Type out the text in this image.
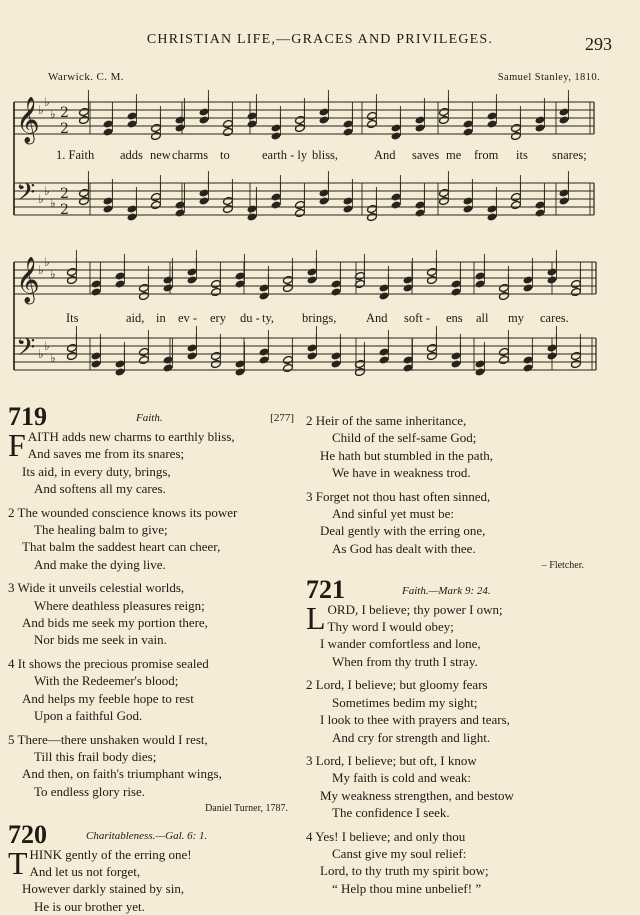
CHRISTIAN LIFE,—GRACES AND PRIVILEGES.	293
Warwick. C. M.	Samuel Stanley, 1810.
𝄞
𝄢
♭
♭
♭
♭
♭
♭
2
2
2
2
𝄞
𝄢
♭
♭
♭
♭
♭
♭
1. Faith adds new charms to	earth - ly bliss,	And saves me from its snares;
Its	aid, in ev - ery du - ty, brings, And soft - ens all my cares.
719	Faith.	[277]
F AITH adds new charms to earthly bliss,
And saves me from its snares;
Its aid, in every duty, brings,
And softens all my cares.
2 The wounded conscience knows its power
The healing balm to give;
That balm the saddest heart can cheer,
And make the dying live.
3 Wide it unveils celestial worlds,
Where deathless pleasures reign;
And bids me seek my portion there,
Nor bids me seek in vain.
4 It shows the precious promise sealed
With the Redeemer's blood;
And helps my feeble hope to rest
Upon a faithful God.
5 There—there unshaken would I rest,
Till this frail body dies;
And then, on faith's triumphant wings,
To endless glory rise.
Daniel Turner, 1787.
720	Charitableness.—Gal. 6: 1.
T HINK gently of the erring one!
And let us not forget,
However darkly stained by sin,
He is our brother yet.
2 Heir of the same inheritance,
Child of the self-same God;
He hath but stumbled in the path,
We have in weakness trod.
3 Forget not thou hast often sinned,
And sinful yet must be:
Deal gently with the erring one,
As God has dealt with thee.
– Fletcher.
721	Faith.—Mark 9: 24.
L ORD, I believe; thy power I own;
Thy word I would obey;
I wander comfortless and lone,
When from thy truth I stray.
2 Lord, I believe; but gloomy fears
Sometimes bedim my sight;
I look to thee with prayers and tears,
And cry for strength and light.
3 Lord, I believe; but oft, I know
My faith is cold and weak:
My weakness strengthen, and bestow
The confidence I seek.
4 Yes! I believe; and only thou
Canst give my soul relief:
Lord, to thy truth my spirit bow;
“ Help thou mine unbelief! ”
